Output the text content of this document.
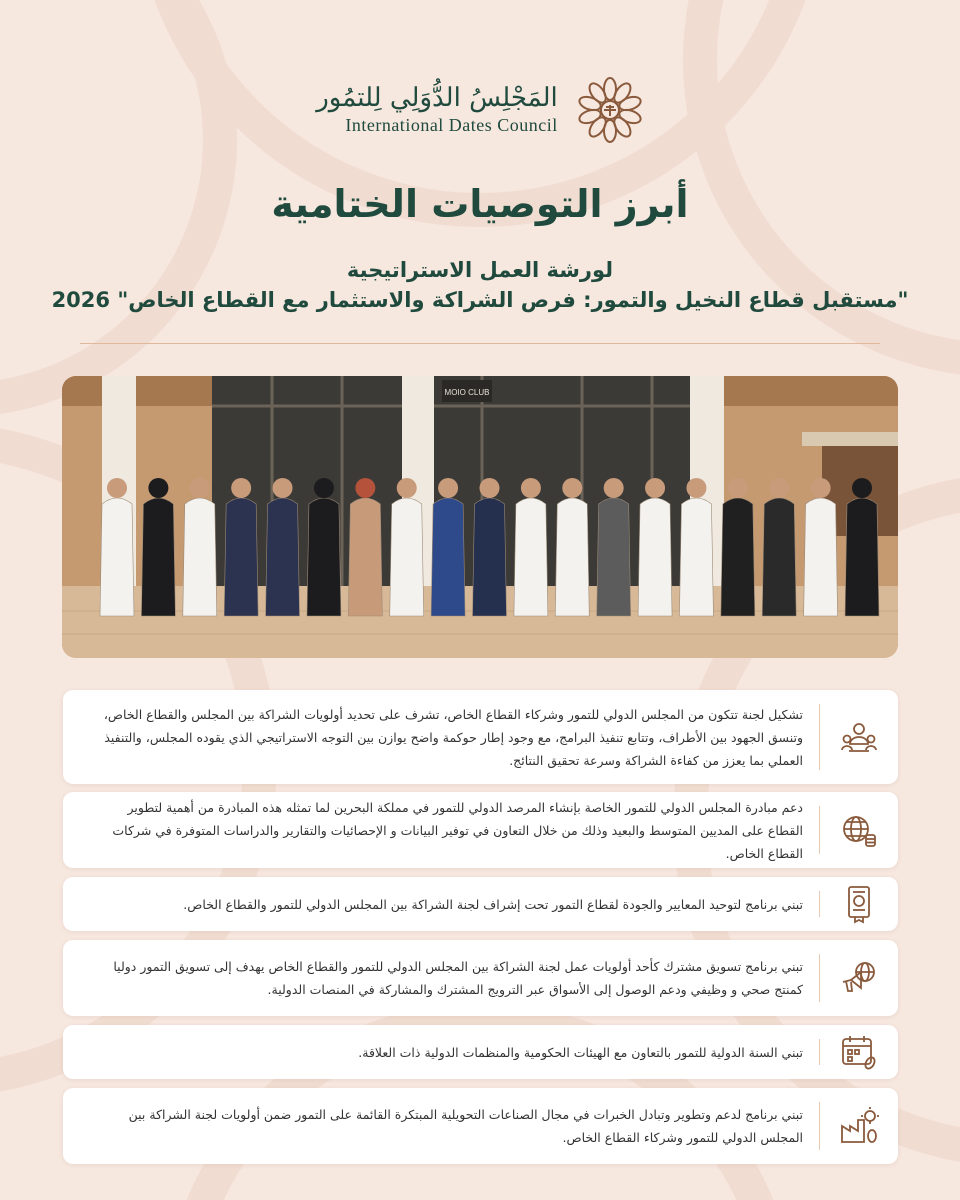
المَجْلِسُ الدُّوَلِي لِلتمُور
International Dates Council
أبرز التوصيات الختامية
لورشة العمل الاستراتيجية
"مستقبل قطاع النخيل والتمور: فرص الشراكة والاستثمار مع القطاع الخاص" 2026
MOIO CLUB
تشكيل لجنة تتكون من المجلس الدولي للتمور وشركاء القطاع الخاص، تشرف على تحديد أولويات الشراكة بين المجلس والقطاع الخاص، وتنسق الجهود بين الأطراف، وتتابع تنفيذ البرامج، مع وجود إطار حوكمة واضح يوازن بين التوجه الاستراتيجي الذي يقوده المجلس، والتنفيذ العملي بما يعزز من كفاءة الشراكة وسرعة تحقيق النتائج.
دعم مبادرة المجلس الدولي للتمور الخاصة بإنشاء المرصد الدولي للتمور في مملكة البحرين لما تمثله هذه المبادرة من أهمية لتطوير القطاع على المديين المتوسط والبعيد وذلك من خلال التعاون في توفير البيانات و الإحصائيات والتقارير والدراسات المتوفرة في شركات القطاع الخاص.
تبني برنامج لتوحيد المعايير والجودة لقطاع التمور تحت إشراف لجنة الشراكة بين المجلس الدولي للتمور والقطاع الخاص.
تبني برنامج تسويق مشترك كأحد أولويات عمل لجنة الشراكة بين المجلس الدولي للتمور والقطاع الخاص يهدف إلى تسويق التمور دوليا كمنتج صحي و وظيفي ودعم الوصول إلى الأسواق عبر الترويج المشترك والمشاركة في المنصات الدولية.
تبني السنة الدولية للتمور بالتعاون مع الهيئات الحكومية والمنظمات الدولية ذات العلاقة.
تبني برنامج لدعم وتطوير وتبادل الخبرات في مجال الصناعات التحويلية المبتكرة القائمة على التمور ضمن أولويات لجنة الشراكة بين المجلس الدولي للتمور وشركاء القطاع الخاص.
